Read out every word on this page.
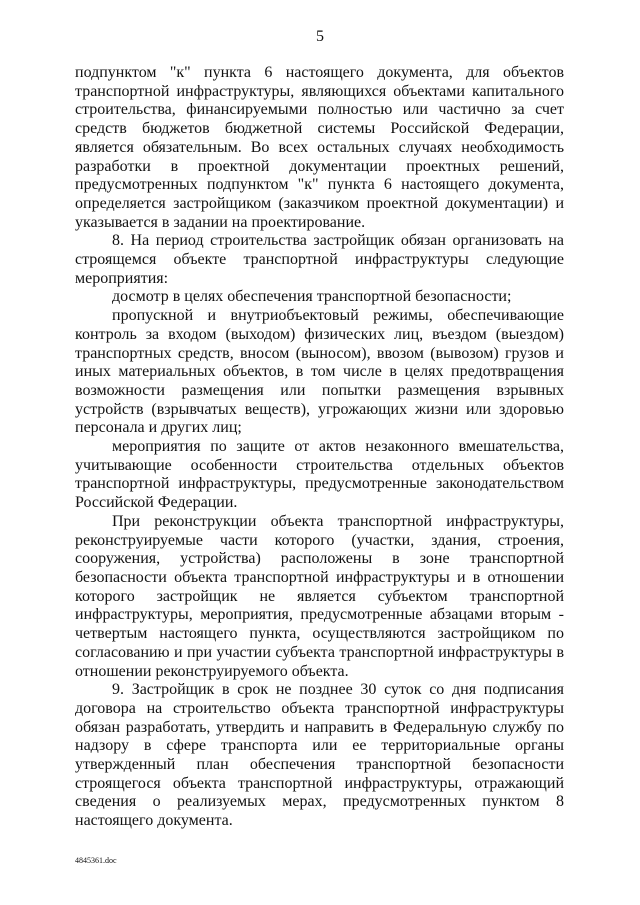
5

подпунктом "к" пункта 6 настоящего документа, для объектов транспортной инфраструктуры, являющихся объектами капитального строительства, финансируемыми полностью или частично за счет средств бюджетов бюджетной системы Российской Федерации, является обязательным. Во всех остальных случаях необходимость разработки в проектной документации проектных решений, предусмотренных подпунктом "к" пункта 6 настоящего документа, определяется застройщиком (заказчиком проектной документации) и указывается в задании на проектирование.

8. На период строительства застройщик обязан организовать на строящемся объекте транспортной инфраструктуры следующие мероприятия:

досмотр в целях обеспечения транспортной безопасности;

пропускной и внутриобъектовый режимы, обеспечивающие контроль за входом (выходом) физических лиц, въездом (выездом) транспортных средств, вносом (выносом), ввозом (вывозом) грузов и иных материальных объектов, в том числе в целях предотвращения возможности размещения или попытки размещения взрывных устройств (взрывчатых веществ), угрожающих жизни или здоровью персонала и других лиц;

мероприятия по защите от актов незаконного вмешательства, учитывающие особенности строительства отдельных объектов транспортной инфраструктуры, предусмотренные законодательством Российской Федерации.

При реконструкции объекта транспортной инфраструктуры, реконструируемые части которого (участки, здания, строения, сооружения, устройства) расположены в зоне транспортной безопасности объекта транспортной инфраструктуры и в отношении которого застройщик не является субъектом транспортной инфраструктуры, мероприятия, предусмотренные абзацами вторым - четвертым настоящего пункта, осуществляются застройщиком по согласованию и при участии субъекта транспортной инфраструктуры в отношении реконструируемого объекта.

9. Застройщик в срок не позднее 30 суток со дня подписания договора на строительство объекта транспортной инфраструктуры обязан разработать, утвердить и направить в Федеральную службу по надзору в сфере транспорта или ее территориальные органы утвержденный план обеспечения транспортной безопасности строящегося объекта транспортной инфраструктуры, отражающий сведения о реализуемых мерах, предусмотренных пунктом 8 настоящего документа.

4845361.doc
